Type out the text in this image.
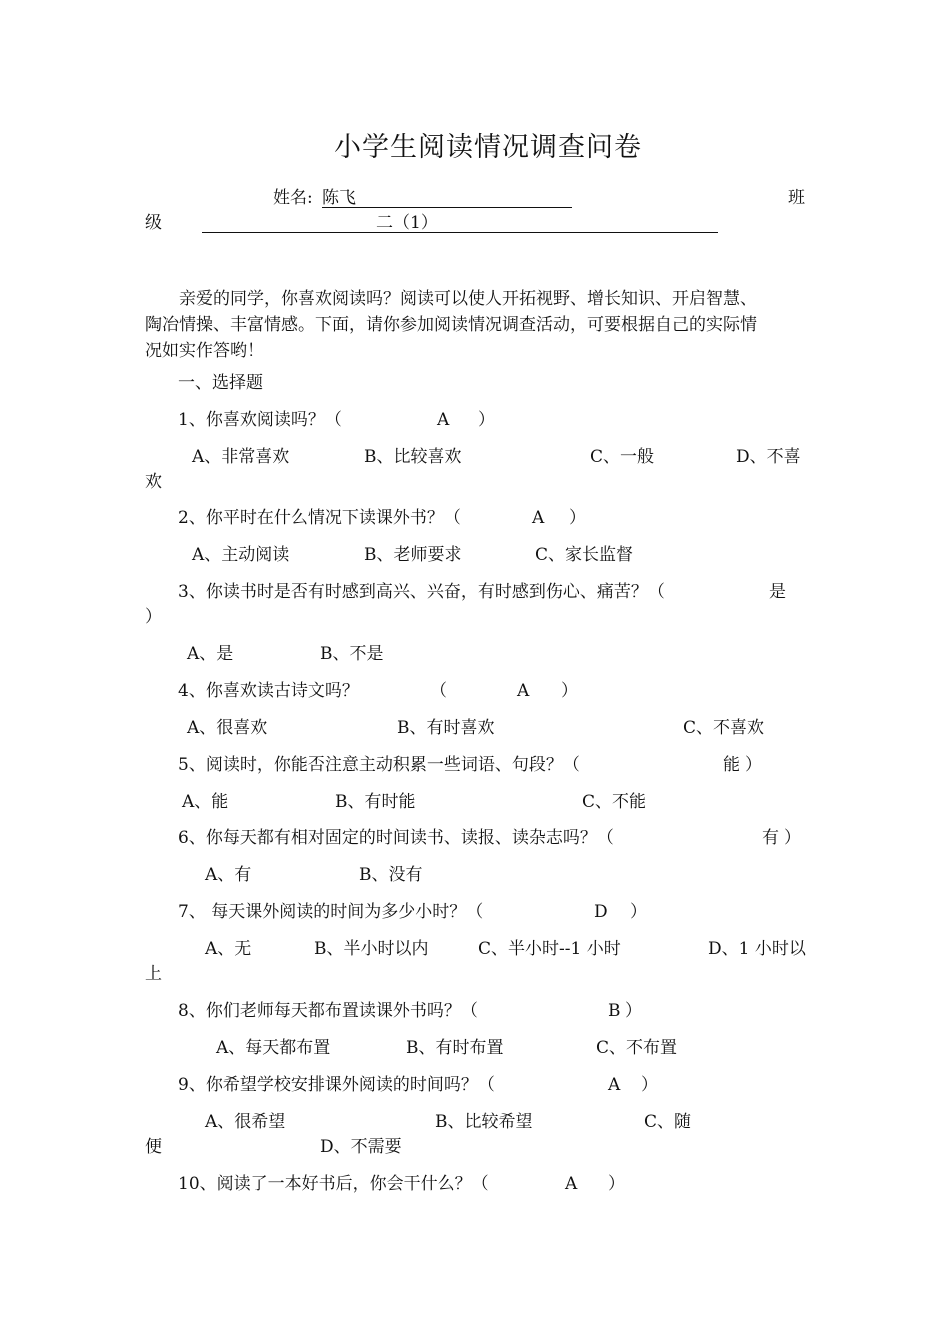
小学生阅读情况调查问卷
姓名: 陈飞	班
级	二（1）
亲爱的同学，你喜欢阅读吗？阅读可以使人开拓视野、增长知识、开启智慧、
陶冶情操、丰富情感。下面，请你参加阅读情况调查活动，可要根据自己的实际情
况如实作答哟！
一、选择题
1、你喜欢阅读吗？（	A ）
A、非常喜欢	B、比较喜欢	C、一般	D、不喜
欢
2、你平时在什么情况下读课外书？（	A ）
A、主动阅读	B、老师要求	C、家长监督
3、你读书时是否有时感到高兴、兴奋，有时感到伤心、痛苦？（	是
）
A、是	B、不是
4、你喜欢读古诗文吗？	（	A ）
A、很喜欢	B、有时喜欢	C、不喜欢
5、阅读时，你能否注意主动积累一些词语、句段？（	能 ）
A、能	B、有时能	C、不能
6、你每天都有相对固定的时间读书、读报、读杂志吗？（	有 ）
A、有	B、没有
7、 每天课外阅读的时间为多少小时？（	D ）
A、无	B、半小时以内	C、半小时--1 小时	D、1 小时以
上
8、你们老师每天都布置读课外书吗？（	B ）
A、每天都布置	B、有时布置	C、不布置
9、你希望学校安排课外阅读的时间吗？（	A ）
A、很希望	B、比较希望	C、随
便	D、不需要
10、阅读了一本好书后，你会干什么？（	A ）
